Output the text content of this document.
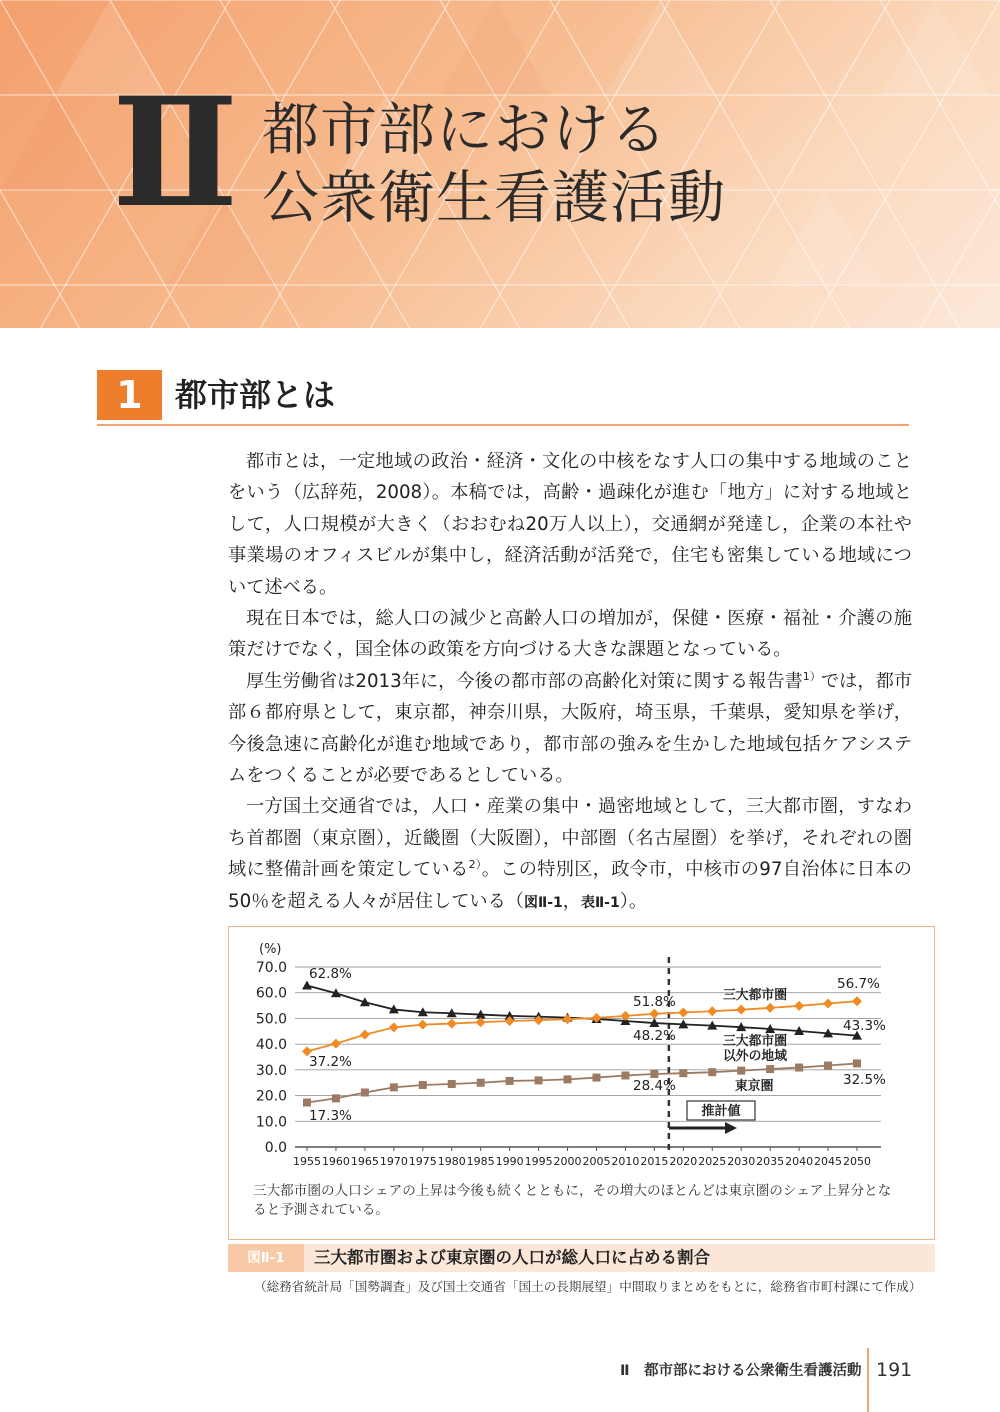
Ⅱ 都市部における
公衆衛生看護活動
1	都市部とは

都市とは，一定地域の政治・経済・文化の中核をなす人口の集中する地域のことをいう（広辞苑，2008）。本稿では，高齢・過疎化が進む「地方」に対する地域として，人口規模が大きく（おおむね20万人以上），交通網が発達し，企業の本社や事業場のオフィスビルが集中し，経済活動が活発で，住宅も密集している地域について述べる。

現在日本では，総人口の減少と高齢人口の増加が，保健・医療・福祉・介護の施策だけでなく，国全体の政策を方向づける大きな課題となっている。

厚生労働省は2013年に，今後の都市部の高齢化対策に関する報告書$^{1)}$では，都市部６都府県として，東京都，神奈川県，大阪府，埼玉県，千葉県，愛知県を挙げ，今後急速に高齢化が進む地域であり，都市部の強みを生かした地域包括ケアシステムをつくることが必要であるとしている。

一方国土交通省では，人口・産業の集中・過密地域として，三大都市圏，すなわち首都圏（東京圏），近畿圏（大阪圏），中部圏（名古屋圏）を挙げ，それぞれの圏域に整備計画を策定している$^{2)}$。この特別区，政令市，中核市の97自治体に日本の50％を超える人々が居住している（図Ⅱ-1，表Ⅱ-1）。

0.0
10.0
20.0
30.0
40.0
50.0
60.0
70.0
1955 1960 1965 1970 1975 1980 1985 1990 1995 2000 2005 2010 2015 2020 2025 2030 2035 2040 2045 2050
(%)
62.8%
37.2%
17.3%
51.8%
48.2%
28.4%
56.7%
43.3%
32.5%
三大都市圏
三大都市圏
以外の地域
東京圏
推計値
三大都市圏の人口シェアの上昇は今後も続くとともに，その増大のほとんどは東京圏のシェア上昇分となると予測されている。
図Ⅱ-1	三大都市圏および東京圏の人口が総人口に占める割合
（総務省統計局「国勢調査」及び国土交通省「国土の長期展望」中間取りまとめをもとに，総務省市町村課にて作成）
Ⅱ　都市部における公衆衛生看護活動 191
